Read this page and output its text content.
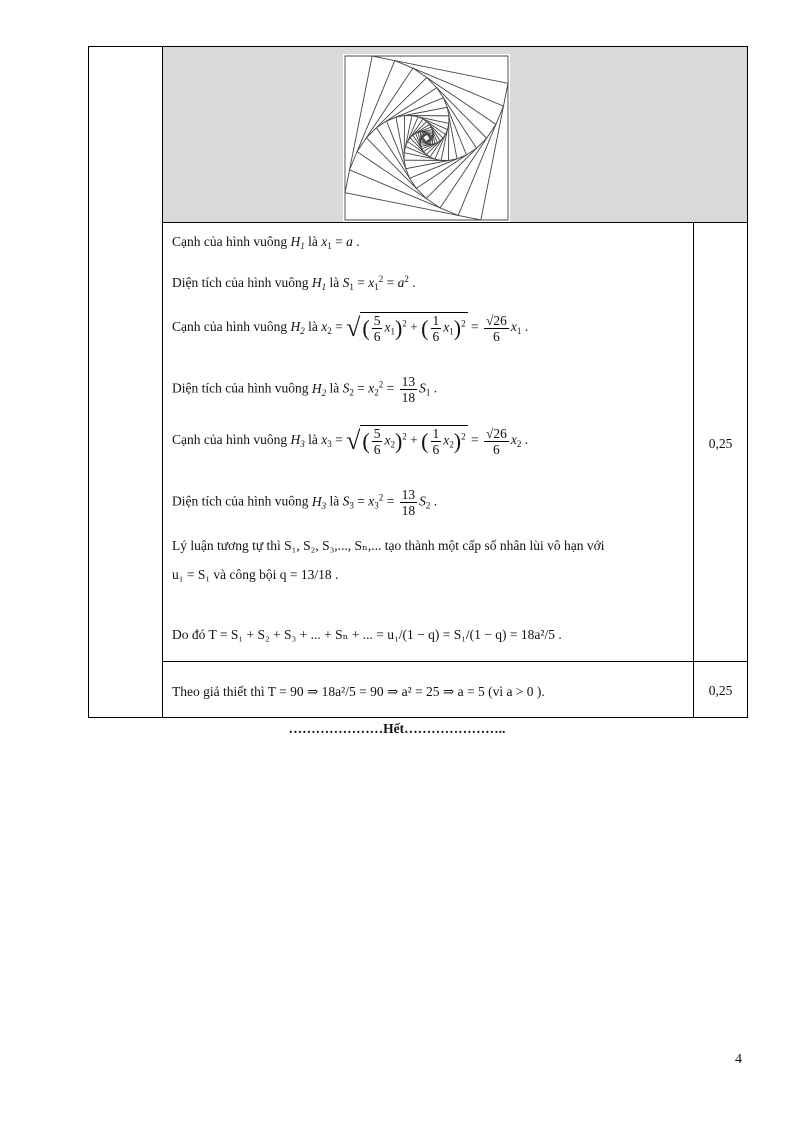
Cạnh của hình vuông $H_1$ là $x_1 = a$ .
Diện tích của hình vuông $H_1$ là $S_1 = x_1^2 = a^2$ .
Cạnh của hình vuông $H_2$ là $x_2$ = √( $\frac{5}{6} x_1)^2$ + ( $\frac{1}{6} x_1)^2 = \frac{√26}{6} x_1$ .
Diện tích của hình vuông $H_2$ là $S_2 = x_2^2 = \frac{13}{18} S_1$ .
Cạnh của hình vuông $H_3$ là $x_3$ = √( $\frac{5}{6} x_2)^2$ + ( $\frac{1}{6} x_2)^2 = \frac{√26}{6} x_2$ .
Diện tích của hình vuông $H_3$ là $S_3 = x_3^2 = \frac{13}{18} S_2$ .
Lý luận tương tự thì S₁, S₂, S₃,..., Sₙ,... tạo thành một cấp số nhân lùi vô hạn với
u₁ = S₁ và công bội q = 13/18 .
Do đó T = S₁ + S₂ + S₃ + ... + Sₙ + ... = u₁/(1 − q) = S₁/(1 − q) = 18a²/5 .
Theo giả thiết thì T = 90 ⇒ 18a²/5 = 90 ⇒ a² = 25 ⇒ a = 5 (vì a > 0 ).
0,25
0,25
…………………Hết…………………..
4
